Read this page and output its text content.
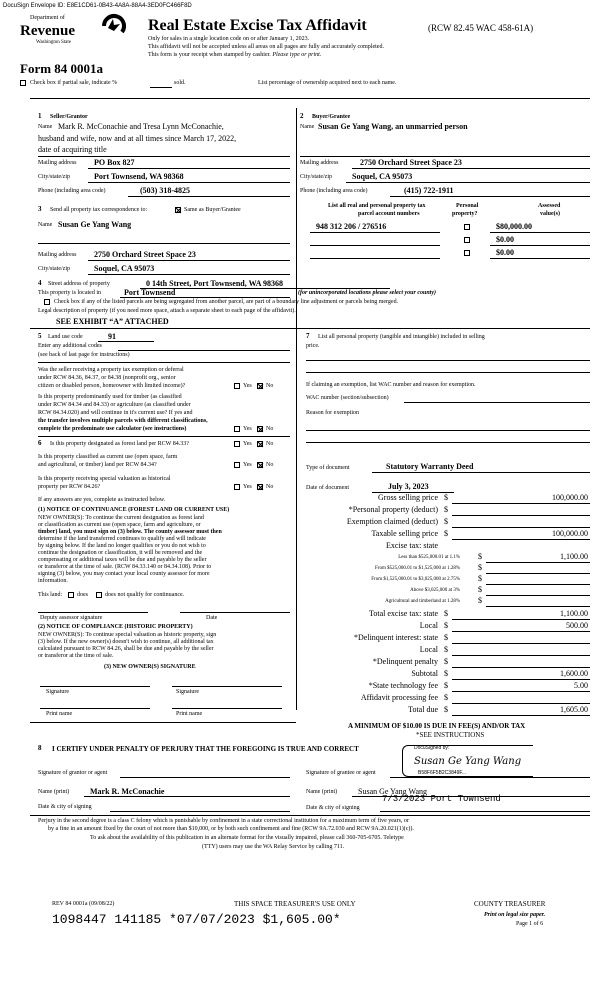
DocuSign Envelope ID: E8E1CD61-0B43-4A8A-88A4-3ED0FC466F8D
Department of
Revenue
Washington State
Real Estate Excise Tax Affidavit	(RCW 82.45 WAC 458-61A)
Only for sales in a single location code on or after January 1, 2023.
This affidavit will not be accepted unless all areas on all pages are fully and accurately completed.
This form is your receipt when stamped by cashier. Please type or print.
Form 84 0001a
Check box if partial sale, indicate %	sold.	List percentage of ownership acquired next to each name.
1 Seller/Grantor
Name Mark R. McConachie and Tresa Lynn McConachie,
husband and wife, now and at all times since March 17, 2022,
date of acquiring title
Mailing address PO Box 827
City/state/zip	Port Townsend, WA 98368
Phone (including area code)	(503) 318-4825
2 Buyer/Grantee
Name Susan Ge Yang Wang, an unmarried person
Mailing address	2750 Orchard Street Space 23
City/state/zip	Soquel, CA 95073
Phone (including area code)	(415) 722-1911
3 Send all property tax correspondence to:	Same as Buyer/Grantee
Name Susan Ge Yang Wang
Mailing address 2750 Orchard Street Space 23
City/state/zip	Soquel, CA 95073
List all real and personal property tax
parcel account numbers
Personal
property?
Assessed
value(s)
948 312 206 / 276516	$80,000.00
$0.00
$0.00
4 Street address of property	0 14th Street, Port Townsend, WA 98368
This property is located in	Port Townsend	(for unincorporated locations please select your county)
Check box if any of the listed parcels are being segregated from another parcel, are part of a boundary line adjustment or parcels being merged.
Legal description of property (if you need more space, attach a separate sheet to each page of the affidavit).
SEE EXHIBIT “A” ATTACHED
5 Land use code	91
Enter any additional codes
(see back of last page for instructions)
Was the seller receiving a property tax exemption or deferral
under RCW 84.36, 84.37, or 84.38 (nonprofit org., senior
citizen or disabled person, homeowner with limited income)?	Yes No
Is this property predominantly used for timber (as classified
under RCW 84.34 and 84.33) or agriculture (as classified under
RCW 84.34.020) and will continue in it's current use? If yes and
the transfer involves multiple parcels with different classifications,
complete the predominate use calculator (see instructions)	Yes No
6 Is this property designated as forest land per RCW 84.33?	Yes No
Is this property classified as current use (open space, farm
and agricultural, or timber) land per RCW 84.34?	Yes No
Is this property receiving special valuation as historical
property per RCW 84.26?	Yes No
If any answers are yes, complete as instructed below.
(1) NOTICE OF CONTINUANCE (FOREST LAND OR CURRENT USE)
NEW OWNER(S): To continue the current designation as forest land
or classification as current use (open space, farm and agriculture, or
timber) land, you must sign on (3) below. The county assessor must then
determine if the land transferred continues to qualify and will indicate
by signing below. If the land no longer qualifies or you do not wish to
continue the designation or classification, it will be removed and the
compensating or additional taxes will be due and payable by the seller
or transferor at the time of sale. (RCW 84.33.140 or 84.34.108). Prior to
signing (3) below, you may contact your local county assessor for more
information.
This land: does	does not qualify for continuance.
Deputy assessor signature	Date
(2) NOTICE OF COMPLIANCE (HISTORIC PROPERTY)
NEW OWNER(S): To continue special valuation as historic property, sign
(3) below. If the new owner(s) doesn't wish to continue, all additional tax
calculated pursuant to RCW 84.26, shall be due and payable by the seller
or transferor at the time of sale.
(3) NEW OWNER(S) SIGNATURE
Signature	Signature
Print name	Print name
7 List all personal property (tangible and intangible) included in selling
price.
If claiming an exemption, list WAC number and reason for exemption.
WAC number (section/subsection)
Reason for exemption
Type of document	Statutory Warranty Deed
Date of document	July 3, 2023
Gross selling price $	100,000.00
*Personal property (deduct) $
Exemption claimed (deduct) $
Taxable selling price $	100,000.00
Excise tax: state
Less than $525,000.01 at 1.1% $	1,100.00
From $525,000.01 to $1,525,000 at 1.28% $
From $1,525,000.01 to $3,025,000 at 2.75% $
Above $3,025,000 at 3% $
Agricultural and timberland at 1.28% $
Total excise tax: state $	1,100.00
Local $	500.00
*Delinquent interest: state $
Local $
*Delinquent penalty $
Subtotal $	1,600.00
*State technology fee $	5.00
Affidavit processing fee $
Total due $	1,605.00
A MINIMUM OF $10.00 IS DUE IN FEE(S) AND/OR TAX
*SEE INSTRUCTIONS
8 I CERTIFY UNDER PENALTY OF PERJURY THAT THE FOREGOING IS TRUE AND CORRECT
Signature of grantor or agent	Signature of grantee or agent
DocuSigned by:
Susan Ge Yang Wang
B58F6F5B2C3849F...
Name (print)	Mark R. McConachie	Name (print)	Susan Ge Yang Wang
Date & city of signing	Date & city of signing
7/3/2023 Port Townsend
Perjury in the second degree is a class C felony which is punishable by confinement in a state correctional institution for a maximum term of five years, or
by a fine in an amount fixed by the court of not more than $10,000, or by both such confinement and fine (RCW 9A.72.030 and RCW 9A.20.021(1)(c)).
To ask about the availability of this publication in an alternate format for the visually impaired, please call 360-705-6705. Teletype
(TTY) users may use the WA Relay Service by calling 711.
REV 84 0001a (09/08/22)	THIS SPACE TREASURER'S USE ONLY	COUNTY TREASURER
Print on legal size paper.
Page 1 of 6
1098447 141185 *07/07/2023 $1,605.00*
